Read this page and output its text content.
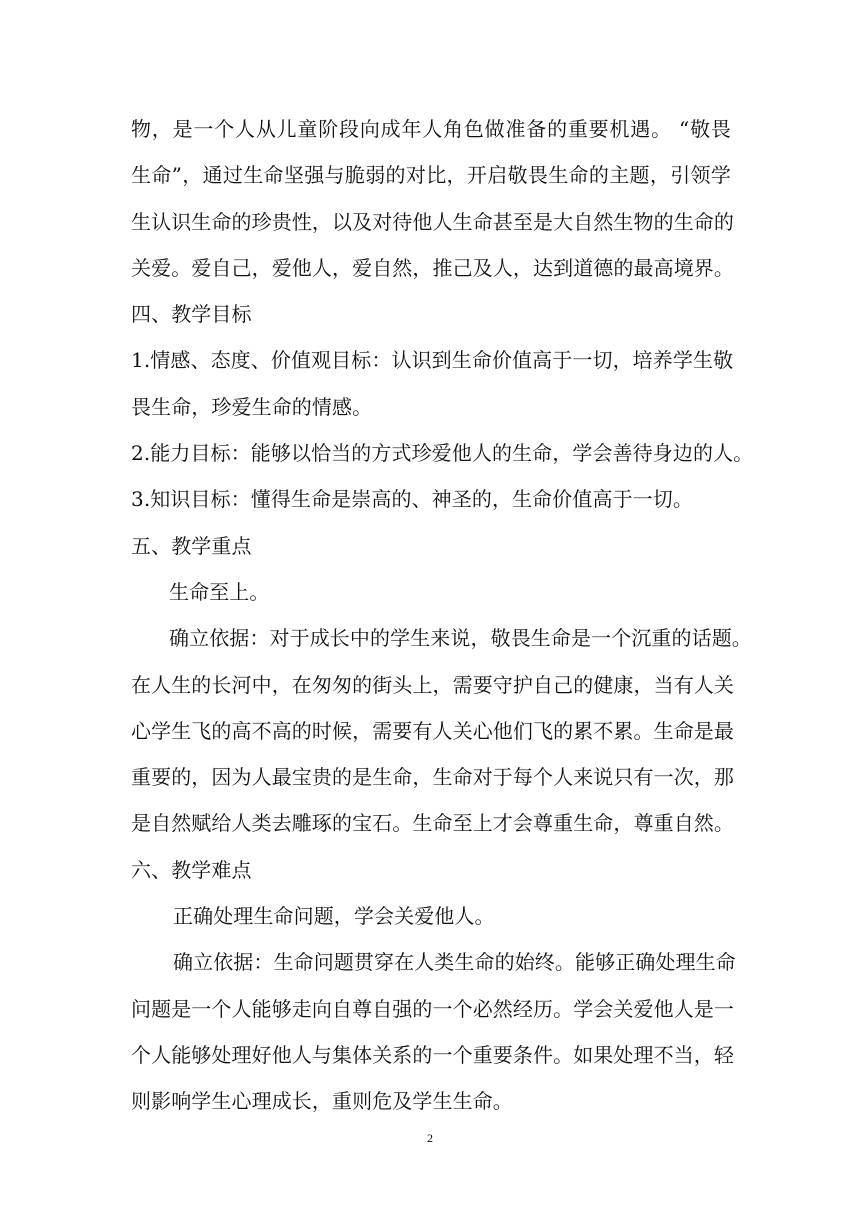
物，是一个人从儿童阶段向成年人角色做准备的重要机遇。 “敬畏
生命”，通过生命坚强与脆弱的对比，开启敬畏生命的主题，引领学
生认识生命的珍贵性，以及对待他人生命甚至是大自然生物的生命的
关爱。爱自己，爱他人，爱自然，推己及人，达到道德的最高境界。
四、教学目标
1.情感、态度、价值观目标：认识到生命价值高于一切，培养学生敬
畏生命，珍爱生命的情感。
2.能力目标：能够以恰当的方式珍爱他人的生命，学会善待身边的人。
3.知识目标：懂得生命是崇高的、神圣的，生命价值高于一切。
五、教学重点
生命至上。
确立依据：对于成长中的学生来说，敬畏生命是一个沉重的话题。
在人生的长河中，在匆匆的街头上，需要守护自己的健康，当有人关
心学生飞的高不高的时候，需要有人关心他们飞的累不累。生命是最
重要的，因为人最宝贵的是生命，生命对于每个人来说只有一次，那
是自然赋给人类去雕琢的宝石。生命至上才会尊重生命，尊重自然。
六、教学难点
正确处理生命问题，学会关爱他人。
确立依据：生命问题贯穿在人类生命的始终。能够正确处理生命
问题是一个人能够走向自尊自强的一个必然经历。学会关爱他人是一
个人能够处理好他人与集体关系的一个重要条件。如果处理不当，轻
则影响学生心理成长，重则危及学生生命。
2
